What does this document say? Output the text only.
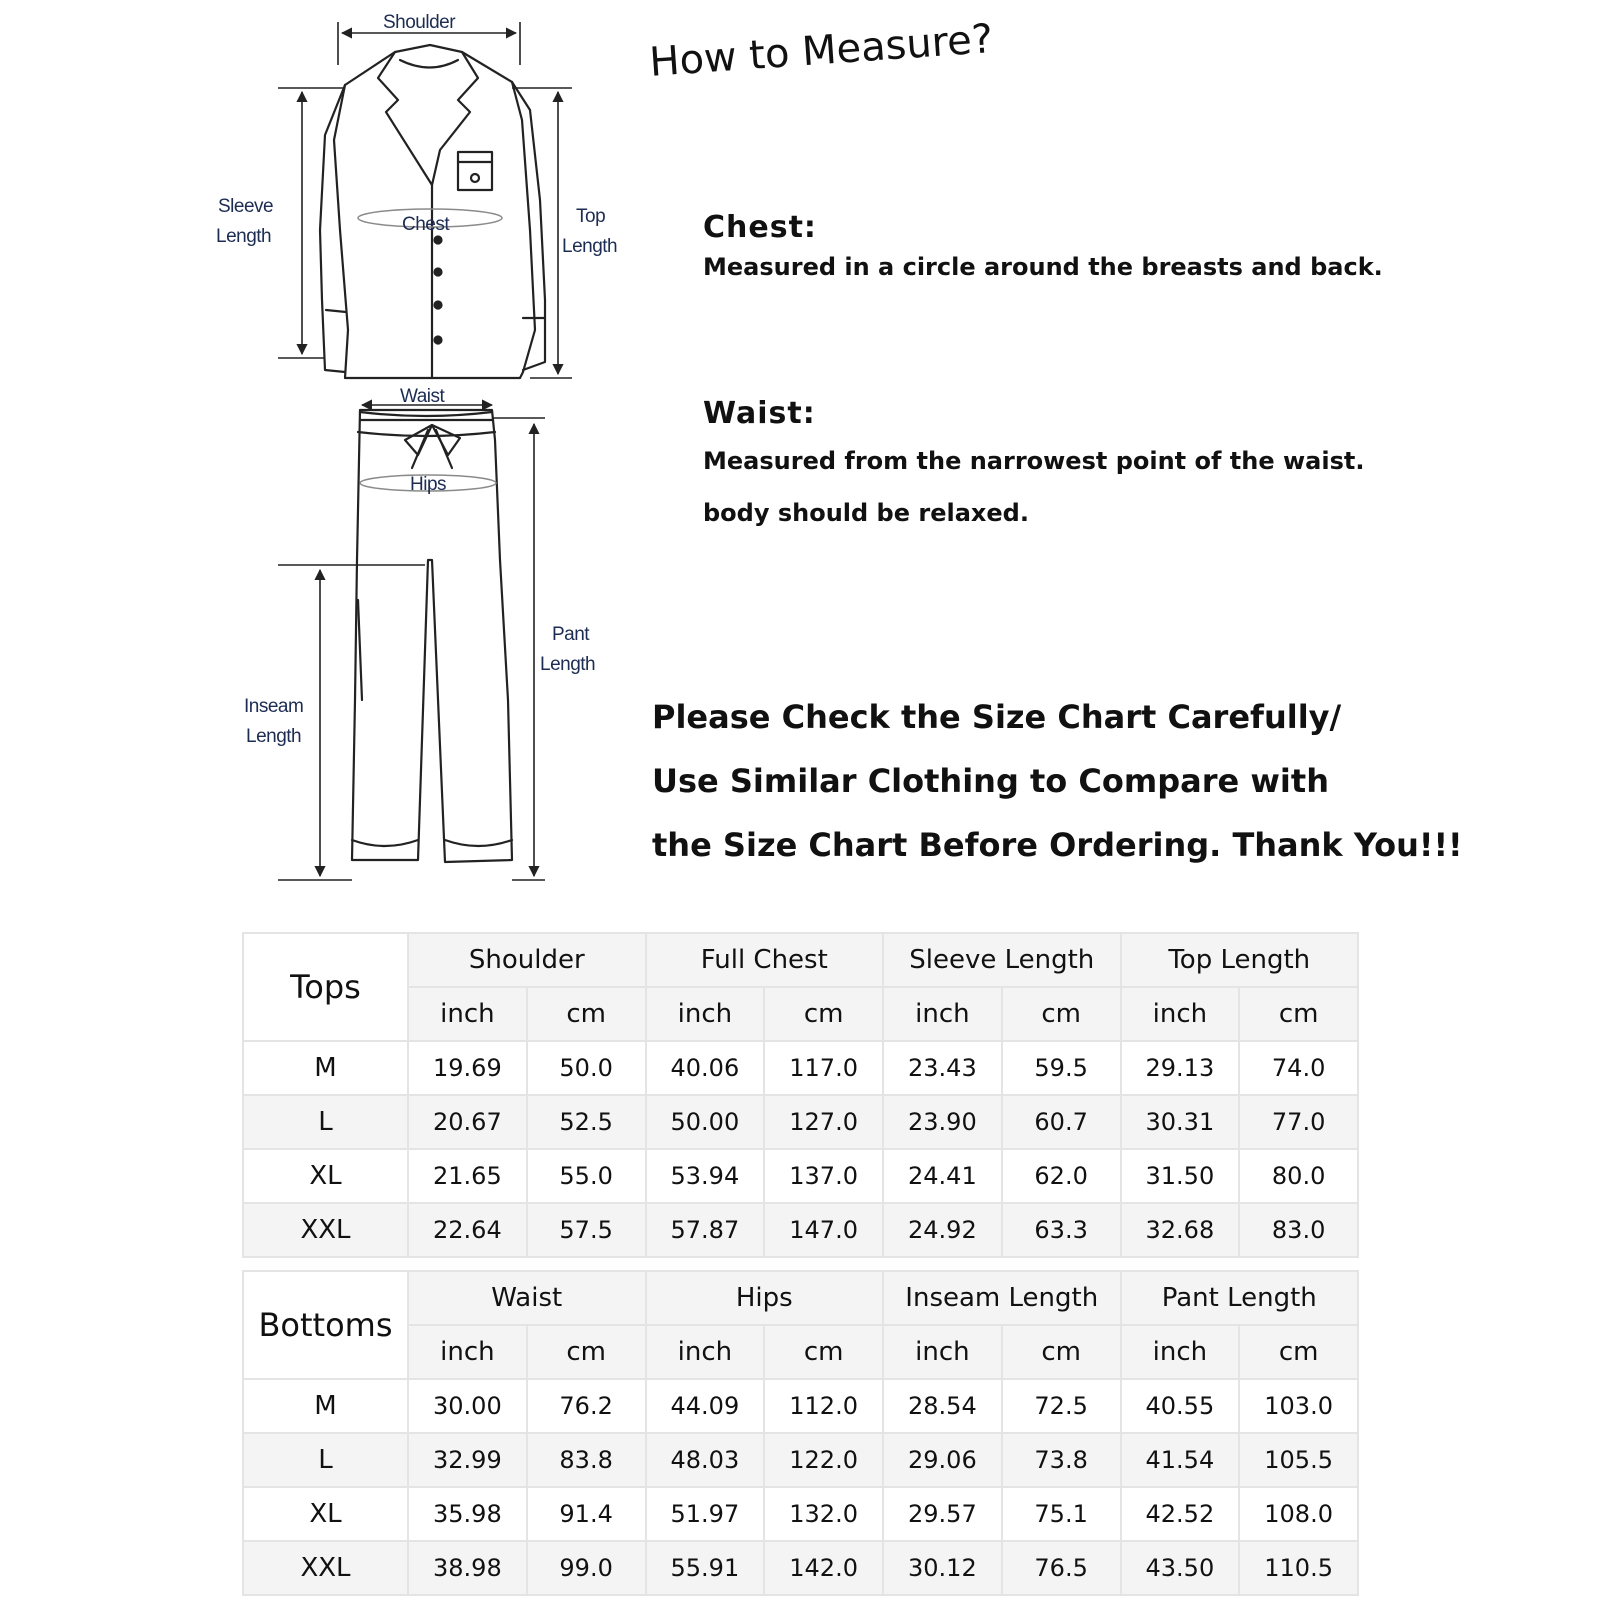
Shoulder
Sleeve
Length
Chest	Top
Length
Waist
Hips
Inseam
Length
Pant
Length
How to Measure?
Chest:
Measured in a circle around the breasts and back.
Waist:
Measured from the narrowest point of the waist.
body should be relaxed.
Please Check the Size Chart Carefully/
Use Similar Clothing to Compare with
the Size Chart Before Ordering. Thank You!!!
Tops	Shoulder		Full Chest		Sleeve Length		Top Length	
	inch	cm	inch	cm	inch	cm	inch	cm
M	19.69	50.0	40.06	117.0	23.43	59.5	29.13	74.0
L	20.67	52.5	50.00	127.0	23.90	60.7	30.31	77.0
XL	21.65	55.0	53.94	137.0	24.41	62.0	31.50	80.0
XXL	22.64	57.5	57.87	147.0	24.92	63.3	32.68	83.0
Bottoms	Waist		Hips		Inseam Length		Pant Length	
	inch	cm	inch	cm	inch	cm	inch	cm
M	30.00	76.2	44.09	112.0	28.54	72.5	40.55	103.0
L	32.99	83.8	48.03	122.0	29.06	73.8	41.54	105.5
XL	35.98	91.4	51.97	132.0	29.57	75.1	42.52	108.0
XXL	38.98	99.0	55.91	142.0	30.12	76.5	43.50	110.5
